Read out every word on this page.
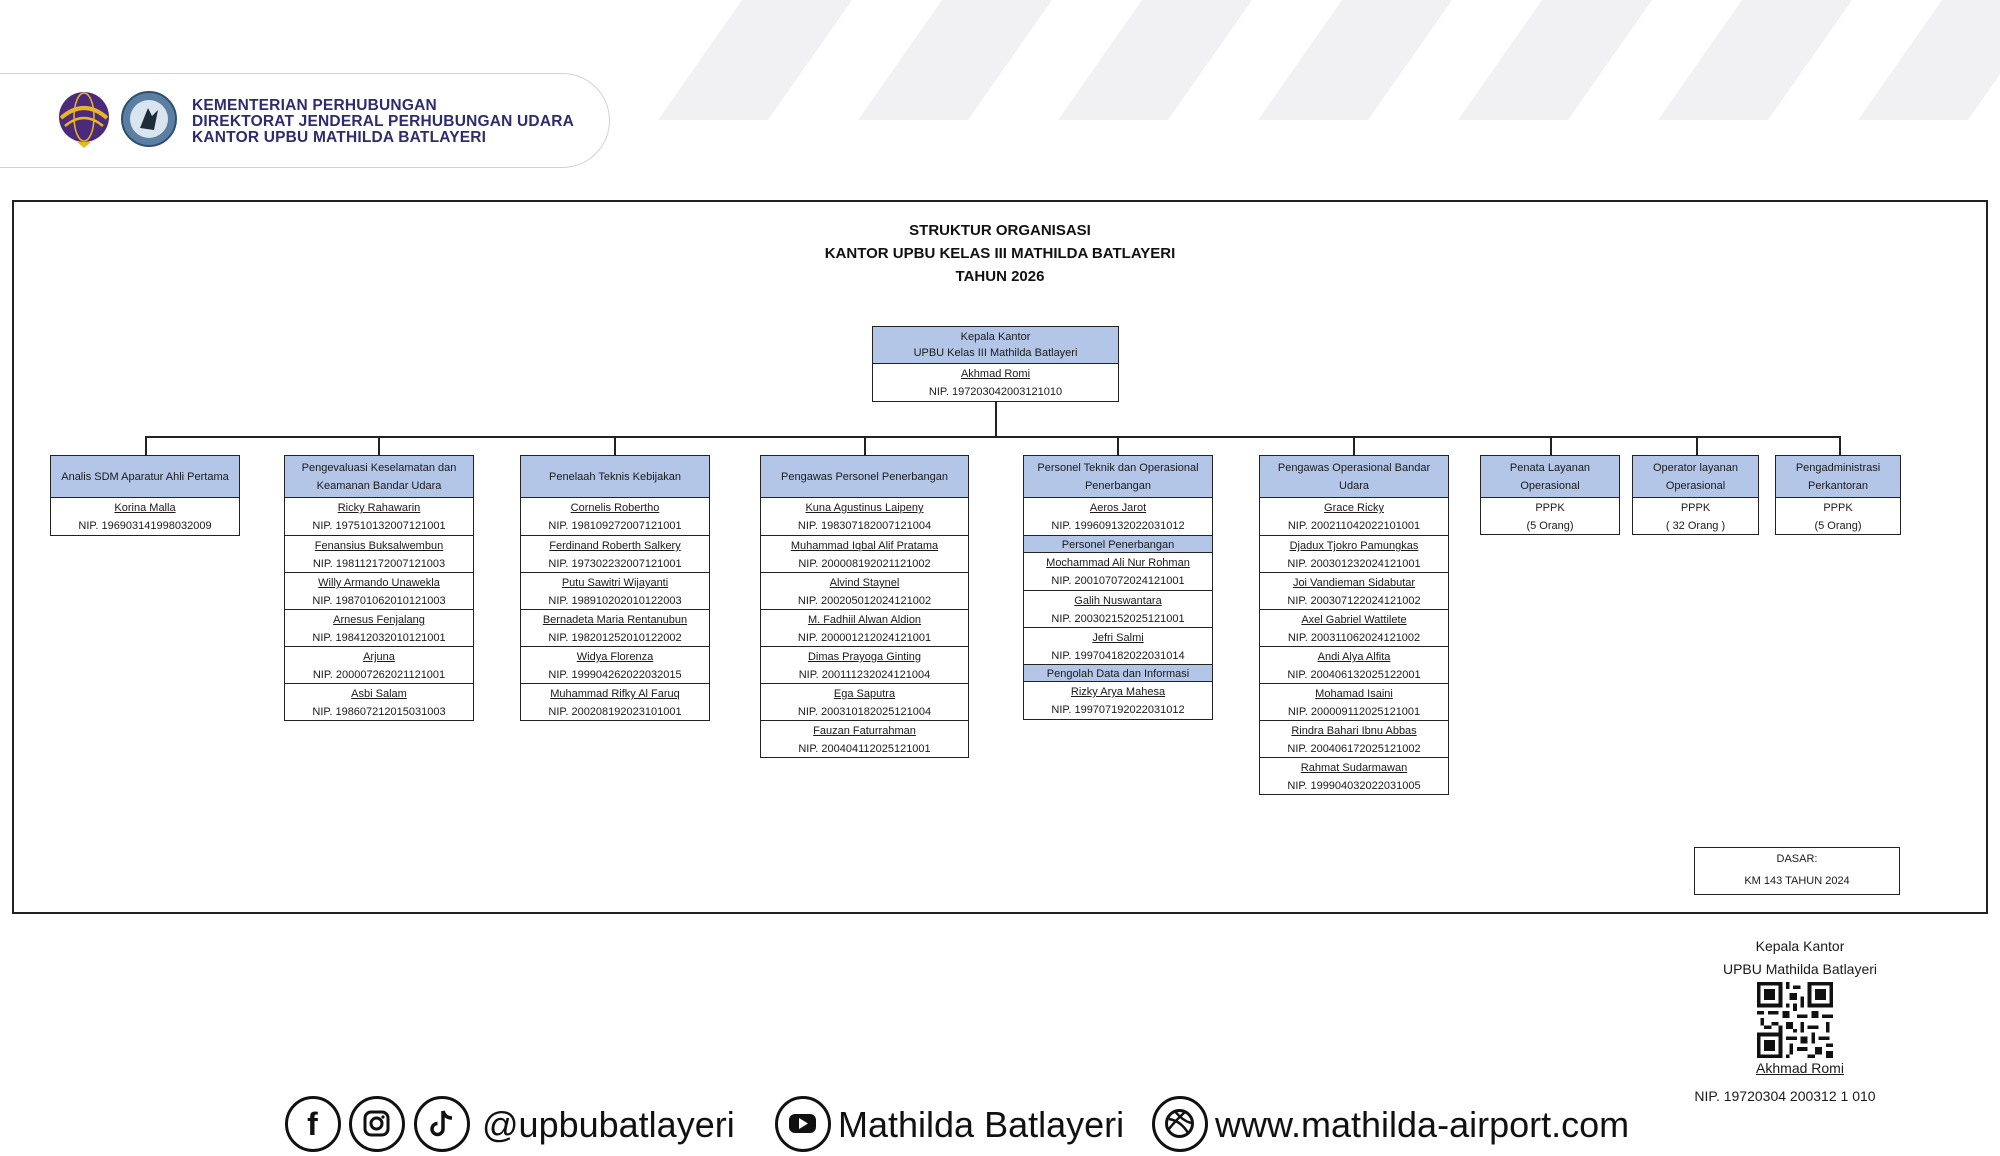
KEMENTERIAN PERHUBUNGAN
DIREKTORAT JENDERAL PERHUBUNGAN UDARA
KANTOR UPBU MATHILDA BATLAYERI
STRUKTUR ORGANISASI
KANTOR UPBU KELAS III MATHILDA BATLAYERI
TAHUN 2026
Kepala Kantor
UPBU Kelas III Mathilda Batlayeri
Akhmad Romi
NIP. 197203042003121010
Analis SDM Aparatur Ahli Pertama
Korina Malla
NIP. 196903141998032009
Pengevaluasi Keselamatan dan Keamanan Bandar Udara
Ricky Rahawarin
NIP. 197510132007121001
Fenansius Buksalwembun
NIP. 198112172007121003
Willy Armando Unawekla
NIP. 198701062010121003
Arnesus Fenjalang
NIP. 198412032010121001
Arjuna
NIP. 200007262021121001
Asbi Salam
NIP. 198607212015031003
Penelaah Teknis Kebijakan
Cornelis Robertho
NIP. 198109272007121001
Ferdinand Roberth Salkery
NIP. 197302232007121001
Putu Sawitri Wijayanti
NIP. 198910202010122003
Bernadeta Maria Rentanubun
NIP. 198201252010122002
Widya Florenza
NIP. 199904262022032015
Muhammad Rifky Al Faruq
NIP. 200208192023101001
Pengawas Personel Penerbangan
Kuna Agustinus Laipeny
NIP. 198307182007121004
Muhammad Iqbal Alif Pratama
NIP. 200008192021121002
Alvind Staynel
NIP. 200205012024121002
M. Fadhiil Alwan Aldion
NIP. 200001212024121001
Dimas Prayoga Ginting
NIP. 200111232024121004
Ega Saputra
NIP. 200310182025121004
Fauzan Faturrahman
NIP. 200404112025121001
Personel Teknik dan Operasional Penerbangan
Aeros Jarot
NIP. 199609132022031012
Personel Penerbangan
Mochammad Ali Nur Rohman
NIP. 200107072024121001
Galih Nuswantara
NIP. 200302152025121001
Jefri Salmi
NIP. 199704182022031014
Pengolah Data dan Informasi
Rizky Arya Mahesa
NIP. 199707192022031012
Pengawas Operasional Bandar Udara
Grace Ricky
NIP. 200211042022101001
Djadux Tjokro Pamungkas
NIP. 200301232024121001
Joi Vandieman Sidabutar
NIP. 200307122024121002
Axel Gabriel Wattilete
NIP. 200311062024121002
Andi Alya Alfita
NIP. 200406132025122001
Mohamad Isaini
NIP. 200009112025121001
Rindra Bahari Ibnu Abbas
NIP. 200406172025121002
Rahmat Sudarmawan
NIP. 199904032022031005
Penata Layanan Operasional
PPPK
(5 Orang)
Operator layanan Operasional
PPPK
( 32 Orang )
Pengadministrasi Perkantoran
PPPK
(5 Orang)
DASAR:
KM 143 TAHUN 2024
Kepala Kantor
UPBU Mathilda Batlayeri
Akhmad Romi
NIP. 19720304 200312 1 010
f	@upbubatlayeri	Mathilda Batlayeri	www.mathilda-airport.com
